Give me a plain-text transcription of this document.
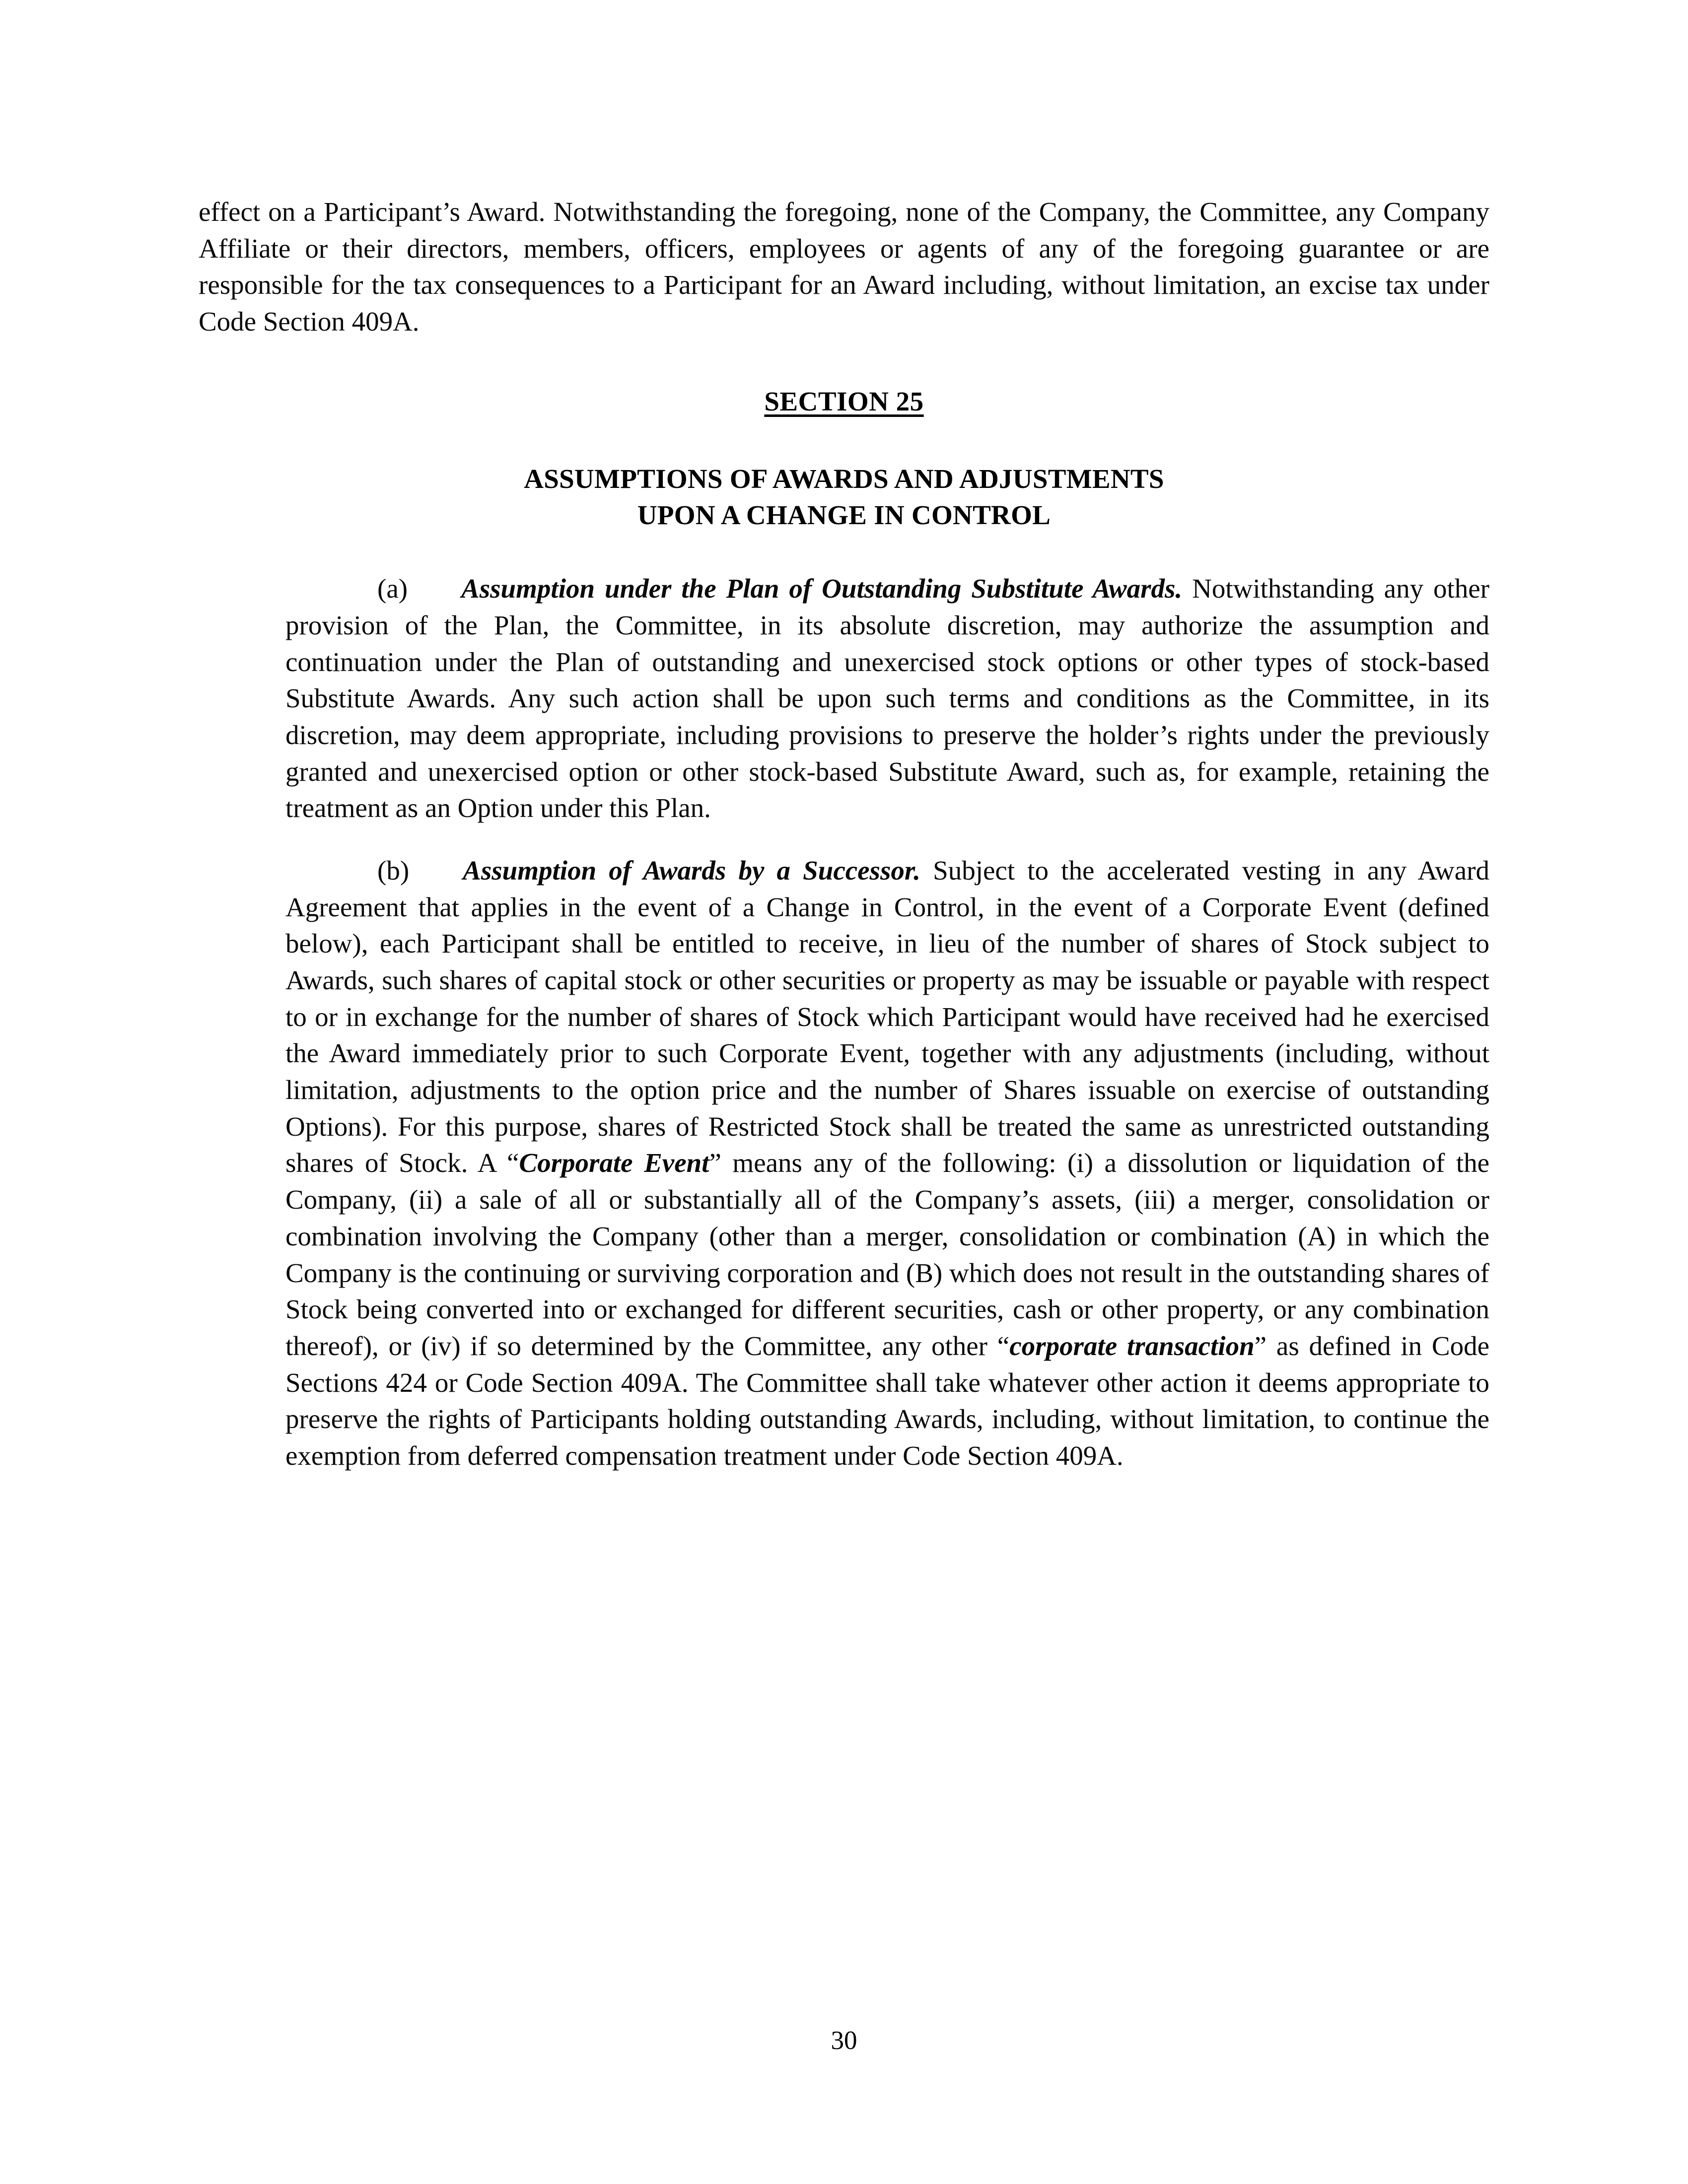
effect on a Participant’s Award. Notwithstanding the foregoing, none of the Company, the Committee, any Company Affiliate or their directors, members, officers, employees or agents of any of the foregoing guarantee or are responsible for the tax consequences to a Participant for an Award including, without limitation, an excise tax under Code Section 409A.

SECTION 25
ASSUMPTIONS OF AWARDS AND ADJUSTMENTS
UPON A CHANGE IN CONTROL

(a) Assumption under the Plan of Outstanding Substitute Awards. Notwithstanding any other provision of the Plan, the Committee, in its absolute discretion, may authorize the assumption and continuation under the Plan of outstanding and unexercised stock options or other types of stock-based Substitute Awards. Any such action shall be upon such terms and conditions as the Committee, in its discretion, may deem appropriate, including provisions to preserve the holder’s rights under the previously granted and unexercised option or other stock-based Substitute Award, such as, for example, retaining the treatment as an Option under this Plan.

(b) Assumption of Awards by a Successor. Subject to the accelerated vesting in any Award Agreement that applies in the event of a Change in Control, in the event of a Corporate Event (defined below), each Participant shall be entitled to receive, in lieu of the number of shares of Stock subject to Awards, such shares of capital stock or other securities or property as may be issuable or payable with respect to or in exchange for the number of shares of Stock which Participant would have received had he exercised the Award immediately prior to such Corporate Event, together with any adjustments (including, without limitation, adjustments to the option price and the number of Shares issuable on exercise of outstanding Options). For this purpose, shares of Restricted Stock shall be treated the same as unrestricted outstanding shares of Stock. A “Corporate Event” means any of the following: (i) a dissolution or liquidation of the Company, (ii) a sale of all or substantially all of the Company’s assets, (iii) a merger, consolidation or combination involving the Company (other than a merger, consolidation or combination (A) in which the Company is the continuing or surviving corporation and (B) which does not result in the outstanding shares of Stock being converted into or exchanged for different securities, cash or other property, or any combination thereof), or (iv) if so determined by the Committee, any other “corporate transaction” as defined in Code Sections 424 or Code Section 409A. The Committee shall take whatever other action it deems appropriate to preserve the rights of Participants holding outstanding Awards, including, without limitation, to continue the exemption from deferred compensation treatment under Code Section 409A.

30
